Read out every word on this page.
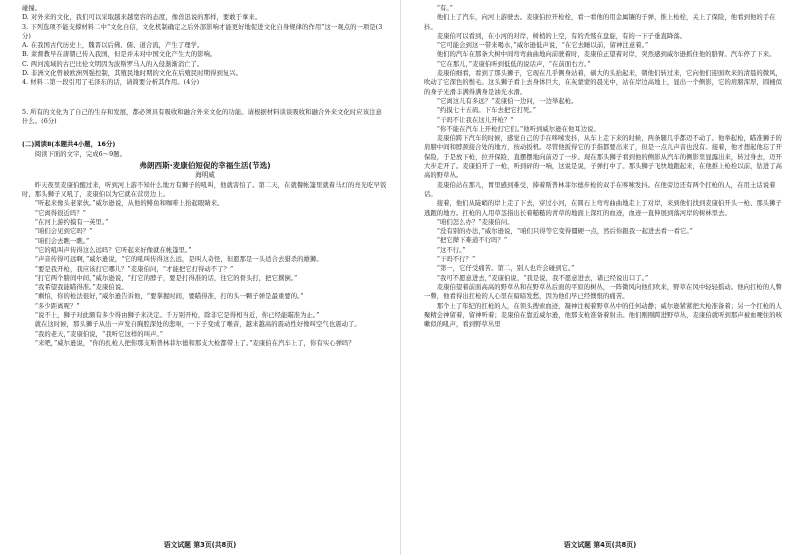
碰撞。

D. 对外来的文化，我们可以采取越来越宽容的态度，像兽迅说的那样，要敢于拿来。

3. 下列选项不能支撑材料二中“文化自信，文化机制确定之后外部影响才能更好地促进文化自身规律的作用”这一观点的一项是(3分)

A. 在我国古代历史上，魏晋以后佛、儒、道合流，产生了理学。

B. 莱督教早在唐朝已传入我国，但是并未对中国文化产生大的影响。

C. 两河流域的古巴比伦文明因为波斯罗马人的入侵渐渐消亡了。

D. 非洲文化曾被欧洲列强控制，其殖民地时期的文化在后殖民时期得到复兴。

4. 材料二第一段引用了毛泽东的话，请简要分析其作用。(4分)

5. 所有的文化为了自己的生存和发展，都必须具有吸收和融合外来文化的功能。请根据材料谈谈吸收和融合外来文化时应该注意什么。(6分)

(二)阅读Ⅱ(本题共4小题，16分)

阅读下面的文字，完成6～9题。

弗朗西斯·麦康伯短促的幸福生活(节选)
海明威

昨天夜里麦康伯醒过来，听到河上游不知什么地方有狮子的吼叫，他就害怕了。第二天，在就餐帐篷里就着马灯的亮光吃早饭时，那头狮子又吼了，麦康伯以为它就在营房边上。

“听起来像头老家伙。”威尔逊说，从他的鲱鱼和咖啡上抬起眼睛来。

“它离得很近吗？”

“在河上游约摸有一英里。”

“咱们会见到它吗？”

“咱们会去瞧一瞧。”

“它的吼叫声传得这么远吗？它听起来好像就在帐篷里。”

“声音传得可远啊，”威尔逊说，“它的吼叫传得这么远，是叫人奇怪，但愿那是一头适合去猎杀的雄狮。

“要是我开枪，我应该打它哪儿？”麦康伯问，“才能把它打得动不了？”

“打它两个膀间中间，”威尔逊说，“打它的脖子，要是打得准的话，往它的骨头打，把它撂倒。”

“我希望我能瞄得准。”麦康伯说。

“剩怕，你的枪法很好，”威尔逊告诉他，“要掌握时间，要瞄得准，打的头一颗子弹是最重要的。”

“多少距离呢？”

“说不上，狮子对此颇有多少得由狮子来决定。千万别开枪，除非它是得相当近，你已经能瞄准为止。”

就在这时候，那头狮子从出一声发自胸腔深处的悲呕，一下子变成了喉音，越来越高的震动性好像叫空气也震动了。

“我的老天，”麦康伯说，“我听它这样的叫声。”

“来吧，”威尔逊说，“你的扎枪人把你那支斯普林菲尔德和那支大枪都带上了。”麦康伯在汽车上了，你有实心弹吗？

语文试题 第3页(共8页)

“有。”

他们上了汽车，向河上游驶去。麦康伯拉开枪栓，看一看他的用金属镶的子弹，推上枪栓，关上了保险，他看到他的手在抖。

麦康伯可以看到，在小河的对岸，树梢的上空，有的秃鹫在盘旋，有的一下子垂直降落。

“它可能会到这一带来喝水，”威尔逊低声说，“在它去睡以前，留神注意着。”

他们的汽车在那条大树中间弯弯曲曲地向前驶着时，麦康伯正望着对岸，突然感到威尔逊抓住他的胳臂。汽车停了下来。

“它在那儿，”麦康伯听到低低的说话声，“在前面右方。”

麦康伯细看，看到了那头狮子，它现在几乎侧身站着，硕大的头抬起来，朝他们转过来，它向他们迎面吹来的清晨的微风，吹动了它深色的鬃毛。这头狮子看上去身体巨大，在灰蒙蒙的晨光中，站在岸边高地上，显出一个侧影，它的肩膀浑厚，圆桶似的身子光滑丰满得满身是油光水滑。

“它离这儿有多远？”麦康伯一边问，一边举起枪。

“约摸七十五码。下车去把它打死。”

“干吗不让我在这儿开枪？”

“你不能在汽车上开枪打它们。”他听到威尔逊在他耳边说。

麦康伯跨下汽车的时候，感觉自己的手在哆嗦发抖，从车上走下来的时候，两条腿几乎都迈不动了。他举起枪，瞄准狮子的肩膀中间和脖颈接合处的地方，按动扳机。尽管他扳得它的手指都要出来了，但是一点儿声音也没有。接着，他才想起他忘了开保险，于是放下枪，拉开保险，直摆摆地向前迈了一步。现在那头狮子看到他的侧影从汽车的侧影里显露出来，转过身去，迈开大步走开了。麦康伯开了一枪，听到砰的一响，这说是说，子弹打中了。那头狮子飞快地跑起来，在他推上枪栓以前，钻进了高高的野草丛。

麦康伯站在那儿，胃里感到难受，捧着斯普林菲尔德步枪的双手在哆嗦发抖。在他旁边还有两个扛枪的人，在用土话说着话。

接着，他们从陡峭的岸上走了下去，穿过小河，在圆石上弯弯曲曲地走上了对岸，来到他们找到麦康伯开头一枪、那头狮子逃跑的地方。扛枪的人用草茎指出长着糙糙的青草的地面上深红的血迹，血迹一直伸展到落河岸的树林里去。

“咱们怎么办？”麦康伯问。

“没有别的办法，”威尔逊说，“咱们只得等它变得僵硬一点，然后你跟我一起进去看一看它。”

“把它撵下难道不行吗？”

“这不行。”

“干吗不行？”

“第一，它仔受痛苦。第二，别人也许会碰到它。”

“我可不愿意进去，”麦康伯说，“我是说，我不愿意进去，诸已经说出口了。”

麦康伯望着前面高高的野草丛和在野草丛后面的平原的树丛，一阵微风向他们吹来，野草在风中轻轻摇动。他向扛枪的人瞥一瞥，他看得出扛枪的人心里在暗暗发愁，因为他们早已经懊恨的痛苦。

那个上了年纪的扛枪的人，在领头搜索血迹，凝神注视着野草丛中的任何动静；威尔逊紧紧把大枪准备着；另一个扛枪的人聚精会神留着，留神听着；麦康伯在靠近威尔逊，他那支枪准备着射击。他们刚刚跨进野草丛，麦康伯就听到那声被血哽住的咳嗽似的吼声，看到野草丛里

语文试题 第4页(共8页)
